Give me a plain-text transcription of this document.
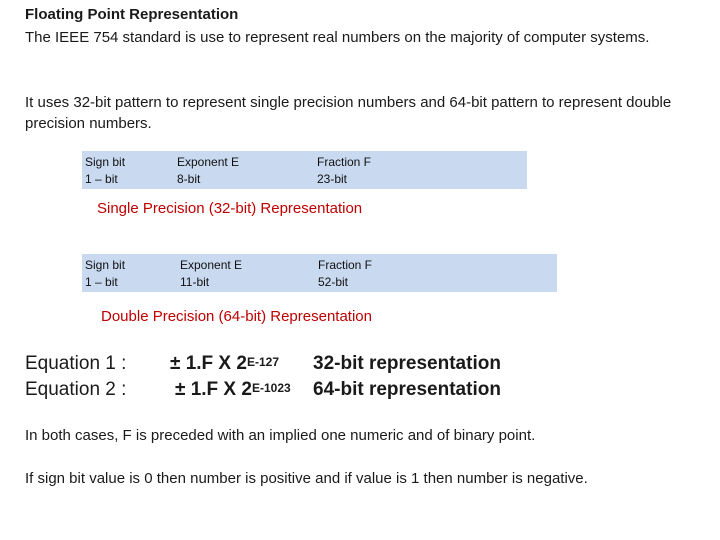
Floating Point Representation
The IEEE 754 standard is use to represent real numbers on the majority of computer systems.
It uses 32-bit pattern to represent single precision numbers and 64-bit pattern to represent double precision numbers.
Sign bit
1 – bit
Exponent E
8-bit
Fraction F
23-bit
Single Precision (32-bit) Representation
Sign bit
1 – bit
Exponent E
11-bit
Fraction F
52-bit
Double Precision (64-bit) Representation
Equation 1 : ± 1.F X $2^{E-127}$ 32-bit representation
Equation 2 :	± 1.F X $2^{E-1023}$ 64-bit representation
In both cases, F is preceded with an implied one numeric and of binary point.
If sign bit value is 0 then number is positive and if value is 1 then number is negative.
